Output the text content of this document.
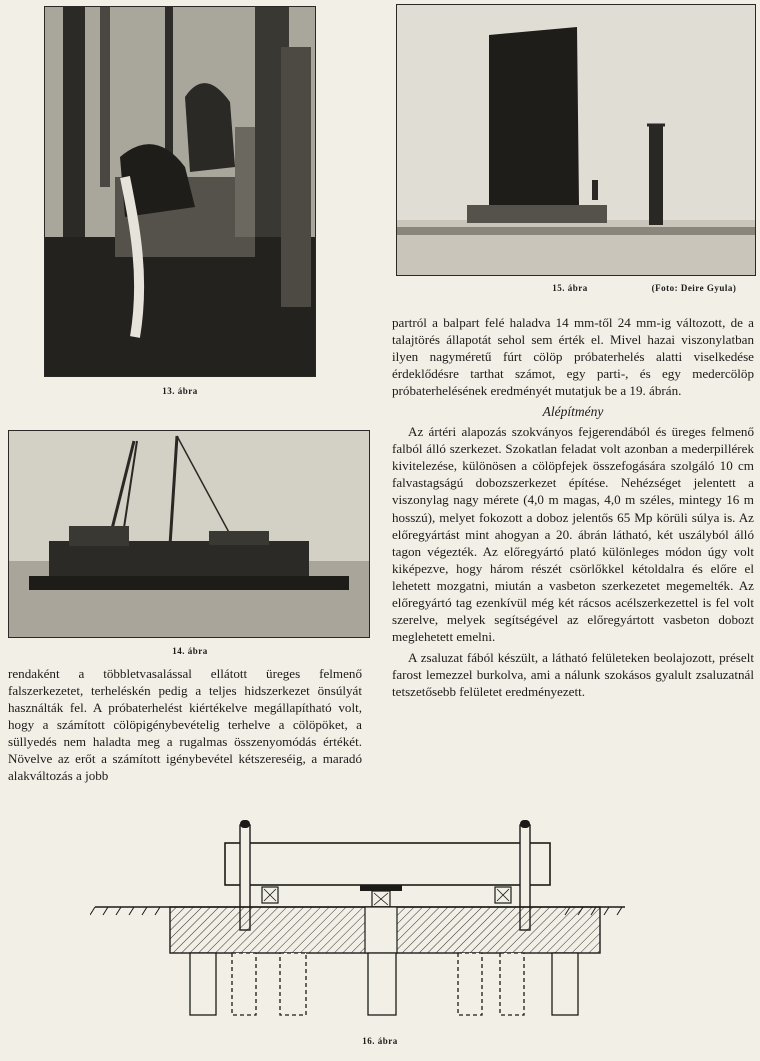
13. ábra
14. ábra
15. ábra	(Foto: Deire Gyula)

rendaként a többletvasalással ellátott üreges felmenő falszerkezetet, terheléskén pedig a teljes hidszerkezet önsúlyát használták fel. A próbaterhelést kiértékelve megállapítható volt, hogy a számított cölöpigénybevételig terhelve a cölöpöket, a süllyedés nem haladta meg a rugalmas összenyomódás értékét. Növelve az erőt a számított igénybevétel kétszereséig, a maradó alakváltozás a jobb

partról a balpart felé haladva 14 mm-től 24 mm-ig változott, de a talajtörés állapotát sehol sem érték el. Mivel hazai viszonylatban ilyen nagyméretű fúrt cölöp próbaterhelés alatti viselkedése érdeklődésre tarthat számot, egy parti-, és egy medercölöp próbaterhelésének eredményét mutatjuk be a 19. ábrán.

Alépítmény

Az ártéri alapozás szokványos fejgerendából és üreges felmenő falból álló szerkezet. Szokatlan feladat volt azonban a mederpillérek kivitelezése, különösen a cölöpfejek összefogására szolgáló 10 cm falvastagságú dobozszerkezet építése. Nehézséget jelentett a viszonylag nagy mérete (4,0 m magas, 4,0 m széles, mintegy 16 m hosszú), melyet fokozott a doboz jelentős 65 Mp körüli súlya is. Az előregyártást mint ahogyan a 20. ábrán látható, két uszályból álló tagon végezték. Az előregyártó plató különleges módon úgy volt kiképezve, hogy három részét csörlőkkel kétoldalra és előre el lehetett mozgatni, miután a vasbeton szerkezetet megemelték. Az előregyártó tag ezenkívül még két rácsos acélszerkezettel is fel volt szerelve, melyek segítségével az előregyártott vasbeton dobozt meglehetett emelni.

A zsaluzat fából készült, a látható felületeken beolajozott, préselt farost lemezzel burkolva, ami a nálunk szokásos gyalult zsaluzatnál tetszetősebb felületet eredményezett.

16. ábra
